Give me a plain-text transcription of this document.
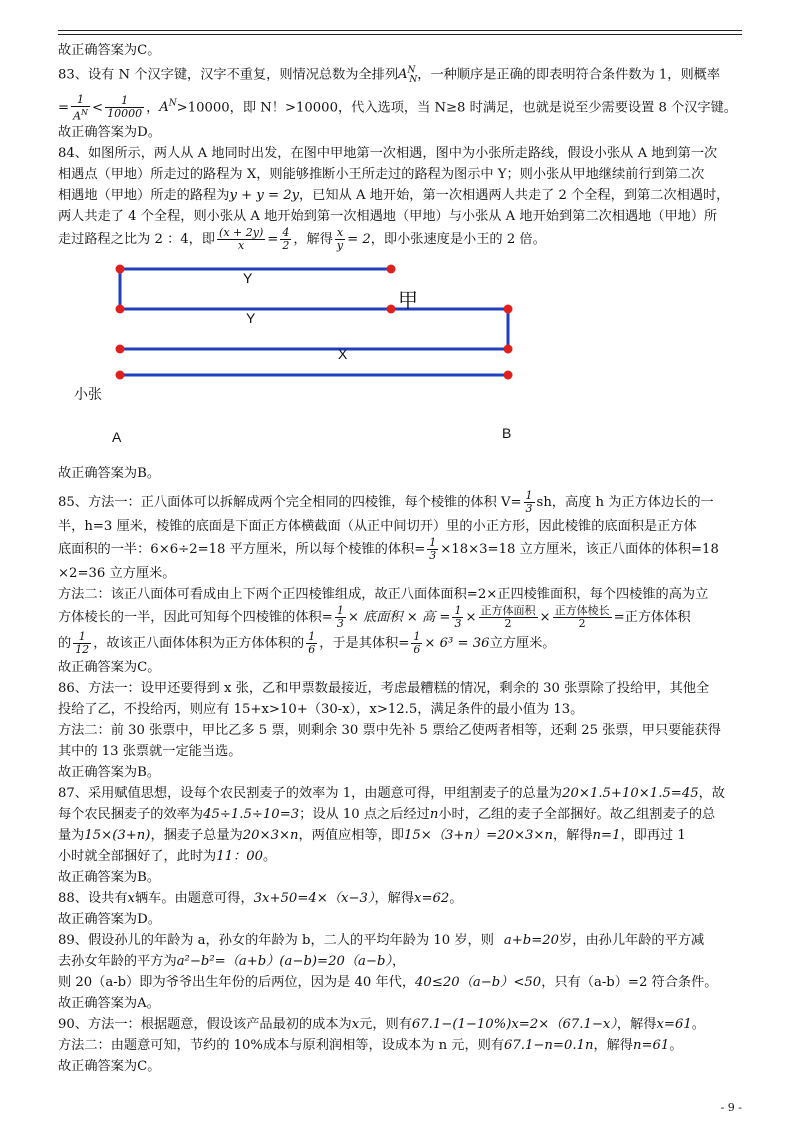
故正确答案为C。

83、设有 N 个汉字键，汉字不重复，则情况总数为全排列$A^N_N$，一种顺序是正确的即表明符合条件数为 1，则概率

= $\frac{1}{A^N} < \frac{1}{10000}$ ，$A^N>10000$，即 N！>10000，代入选项，当 N≥8 时满足，也就是说至少需要设置 8 个汉字键。

故正确答案为D。

84、如图所示，两人从 A 地同时出发，在图中甲地第一次相遇，图中为小张所走路线，假设小张从 A 地到第一次

相遇点（甲地）所走过的路程为 X，则能够推断小王所走过的路程为图示中 Y；则小张从甲地继续前行到第二次

相遇地（甲地）所走的路程为y + y = 2y，已知从 A 地开始，第一次相遇两人共走了 2 个全程，到第二次相遇时，

两人共走了 4 个全程，则小张从 A 地开始到第一次相遇地（甲地）与小张从 A 地开始到第二次相遇地（甲地）所

走过路程之比为 2 ：4，即 $\frac{(x + 2y)}{x} = \frac{4}{2}$ ，解得 $\frac{x}{y} = 2$，即小张速度是小王的 2 倍。

Y
Y
X
甲
小张
A	B

故正确答案为B。

85、方法一：正八面体可以拆解成两个完全相同的四棱锥，每个棱锥的体积 $V= \frac{1}{3}$ sh，高度 h 为正方体边长的一

半，h=3 厘米，棱锥的底面是下面正方体横截面（从正中间切开）里的小正方形，因此棱锥的底面积是正方体

底面积的一半：6×6÷2=18 平方厘米，所以每个棱锥的体积= $\frac{1}{3} \times 18\times 3=18$ 立方厘米，该正八面体的体积=18

×2=36 立方厘米。

方法二：该正八面体可看成由上下两个正四棱锥组成，故正八面体面积=2×正四棱锥面积，每个四棱锥的高为立

方体棱长的一半，因此可知每个四棱锥的体积= $\frac{1}{3}$ × 底面积 × 高 = $\frac{1}{3} \times \frac{\text{正方体面积}}{2} \times \frac{\text{正方体棱长}}{2}$ =正方体体积

的 $\frac{1}{12}$ ，故该正八面体体积为正方体体积的 $\frac{1}{6}$ ，于是其体积= $\frac{1}{6} \times 6^3 = 36$立方厘米。

故正确答案为C。

86、方法一：设甲还要得到 x 张，乙和甲票数最接近，考虑最糟糕的情况，剩余的 30 张票除了投给甲，其他全

投给了乙，不投给丙，则应有 15+x>10+（30-x），x>12.5，满足条件的最小值为 13。

方法二：前 30 张票中，甲比乙多 5 票，则剩余 30 票中先补 5 票给乙使两者相等，还剩 25 张票，甲只要能获得

其中的 13 张票就一定能当选。

故正确答案为B。

87、采用赋值思想，设每个农民割麦子的效率为 1，由题意可得，甲组割麦子的总量为20×1.5+10×1.5=45，故

每个农民捆麦子的效率为45÷1.5÷10=3；设从 10 点之后经过n小时，乙组的麦子全部捆好。故乙组割麦子的总

量为15×(3+n)，捆麦子总量为20×3×n，两值应相等，即15×（3+n）=20×3×n，解得n=1，即再过 1

小时就全部捆好了，此时为11：00。

故正确答案为B。

88、设共有x辆车。由题意可得，3x+50=4×（x−3），解得x=62。

故正确答案为D。

89、假设孙儿的年龄为 a，孙女的年龄为 b，二人的平均年龄为 10 岁，则 a+b=20岁，由孙儿年龄的平方减

去孙女年龄的平方为a²−b²=（a+b）(a−b)=20（a−b），

则 20（a-b）即为爷爷出生年份的后两位，因为是 40 年代，40≤20（a−b）<50，只有（a-b）=2 符合条件。

故正确答案为A。

90、方法一：根据题意，假设该产品最初的成本为x元，则有67.1−(1−10%)x=2×（67.1−x），解得x=61。

方法二：由题意可知，节约的 10%成本与原利润相等，设成本为 n 元，则有67.1−n=0.1n，解得n=61。

故正确答案为C。

- 9 -
